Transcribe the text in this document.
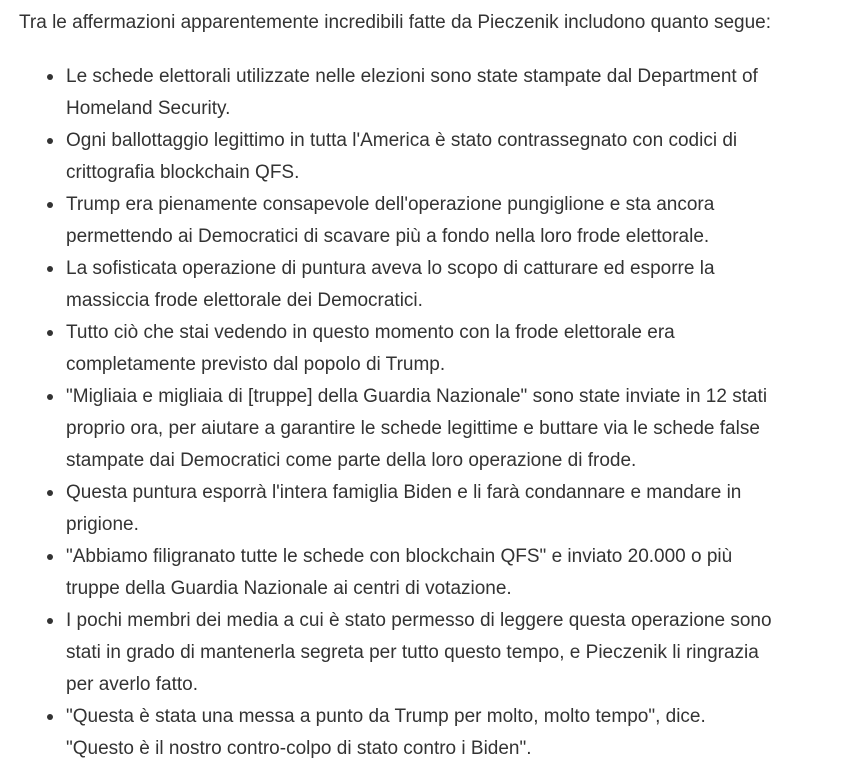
Tra le affermazioni apparentemente incredibili fatte da Pieczenik includono quanto segue:

Le schede elettorali utilizzate nelle elezioni sono state stampate dal Department of
Homeland Security.
Ogni ballottaggio legittimo in tutta l'America è stato contrassegnato con codici di
crittografia blockchain QFS.
Trump era pienamente consapevole dell'operazione pungiglione e sta ancora
permettendo ai Democratici di scavare più a fondo nella loro frode elettorale.
La sofisticata operazione di puntura aveva lo scopo di catturare ed esporre la
massiccia frode elettorale dei Democratici.
Tutto ciò che stai vedendo in questo momento con la frode elettorale era
completamente previsto dal popolo di Trump.
"Migliaia e migliaia di [truppe] della Guardia Nazionale" sono state inviate in 12 stati
proprio ora, per aiutare a garantire le schede legittime e buttare via le schede false
stampate dai Democratici come parte della loro operazione di frode.
Questa puntura esporrà l'intera famiglia Biden e li farà condannare e mandare in
prigione.
"Abbiamo filigranato tutte le schede con blockchain QFS" e inviato 20.000 o più
truppe della Guardia Nazionale ai centri di votazione.
I pochi membri dei media a cui è stato permesso di leggere questa operazione sono
stati in grado di mantenerla segreta per tutto questo tempo, e Pieczenik li ringrazia
per averlo fatto.
"Questa è stata una messa a punto da Trump per molto, molto tempo", dice.
"Questo è il nostro contro-colpo di stato contro i Biden".
